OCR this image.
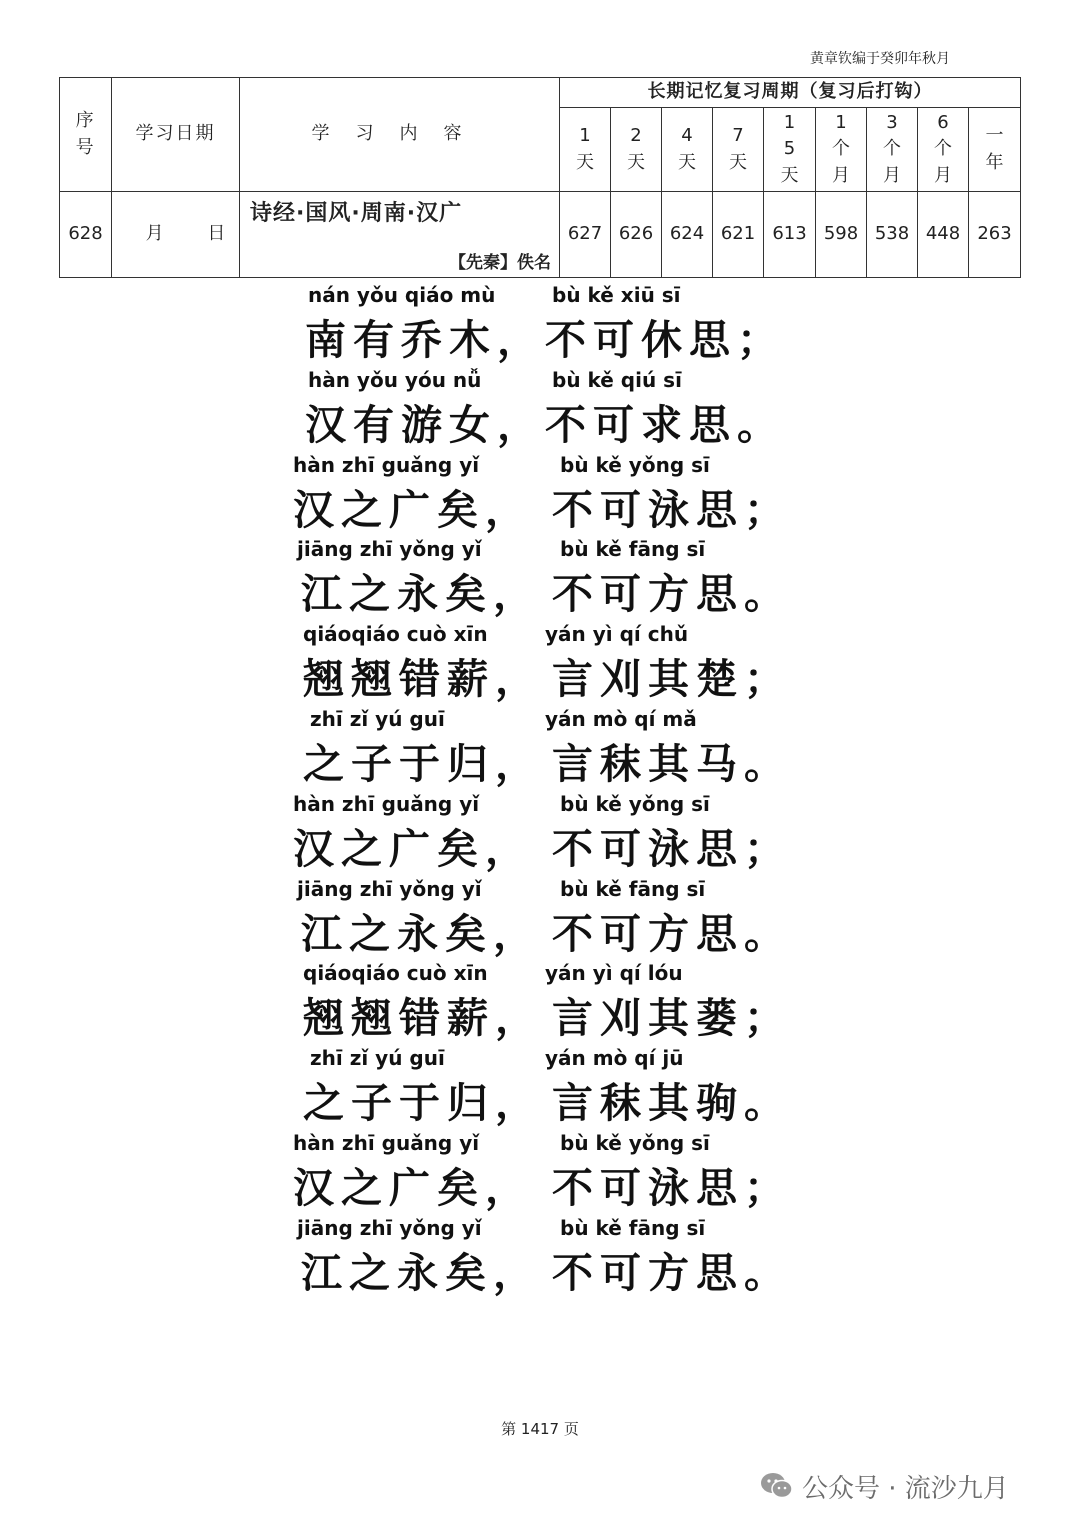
黄章钦编于癸卯年秋月
序号	学习日期	学习内容	长期记忆复习周期（复习后打钩）								
			1天	2天	4天	7天	15天	1个月	3个月	6个月	一年
628	月 日	诗经·国风·周南·汉广
【先秦】佚名	627	626	624	621	613	598	538	448	263
nán yǒu qiáo mù	bù kě xiū sī
南有乔木， 不可休思；
hàn yǒu yóu nǚ	bù kě qiú sī
汉有游女， 不可求思。
hàn zhī guǎng yǐ	bù kě yǒng sī
汉之广矣， 不可泳思；
jiāng zhī yǒng yǐ	bù kě fāng sī
江之永矣， 不可方思。
qiáoqiáo cuò xīn	yán yì qí chǔ
翘翘错薪， 言刈其楚；
zhī zǐ yú guī	yán mò qí mǎ
之子于归， 言秣其马。
hàn zhī guǎng yǐ	bù kě yǒng sī
汉之广矣， 不可泳思；
jiāng zhī yǒng yǐ	bù kě fāng sī
江之永矣， 不可方思。
qiáoqiáo cuò xīn	yán yì qí lóu
翘翘错薪， 言刈其蒌；
zhī zǐ yú guī	yán mò qí jū
之子于归， 言秣其驹。
hàn zhī guǎng yǐ	bù kě yǒng sī
汉之广矣， 不可泳思；
jiāng zhī yǒng yǐ	bù kě fāng sī
江之永矣， 不可方思。
第 1417 页
公众号 · 流沙九月
